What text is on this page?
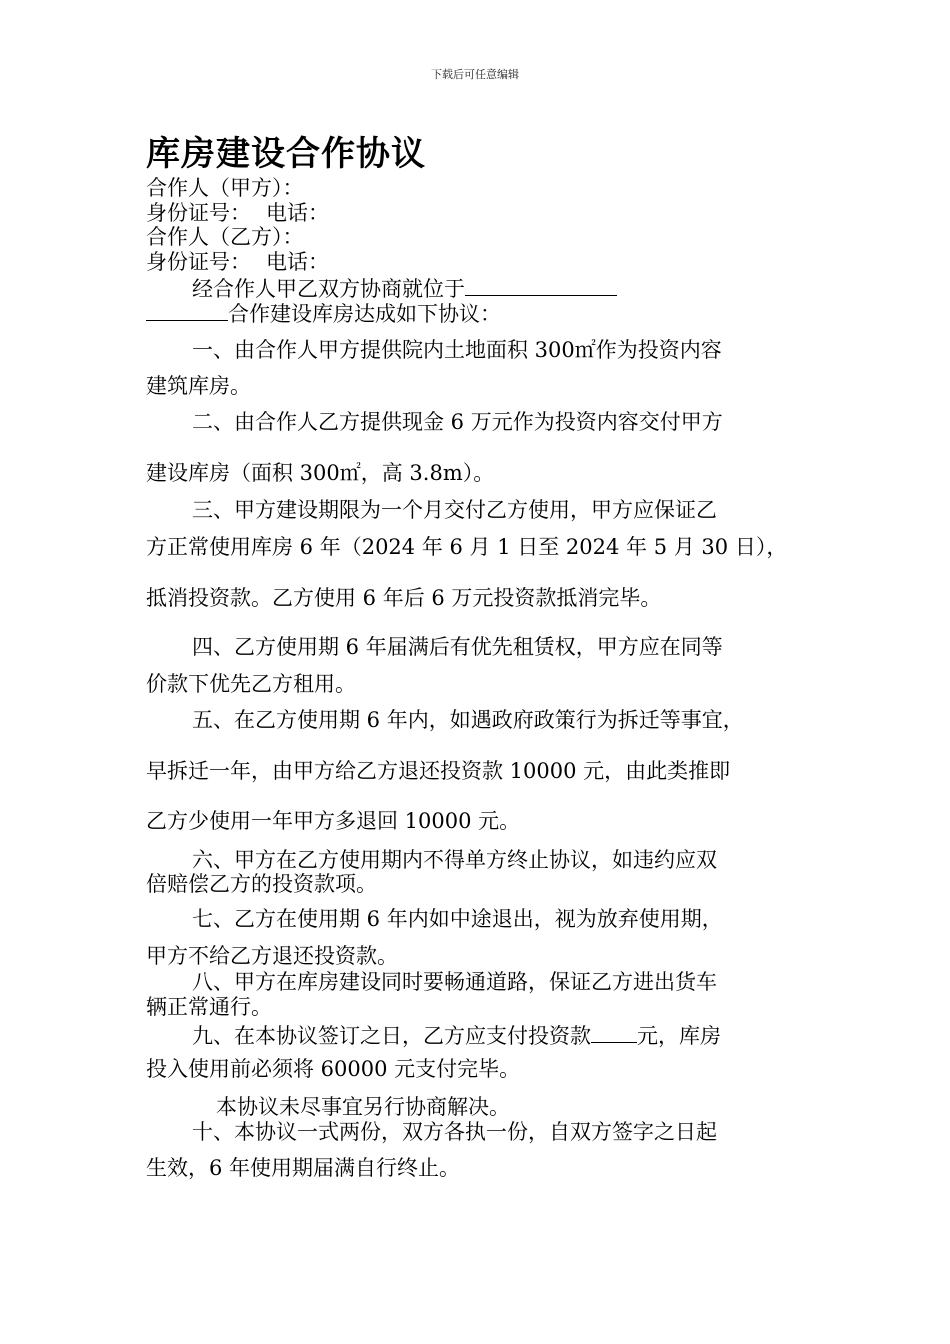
下载后可任意编辑
库房建设合作协议
合作人（甲方）：
身份证号： 电话：
合作人（乙方）：
身份证号： 电话：
经合作人甲乙双方协商就位于
合作建设库房达成如下协议：
一、由合作人甲方提供院内土地面积 300㎡作为投资内容
建筑库房。
二、由合作人乙方提供现金 6 万元作为投资内容交付甲方
建设库房（面积 300㎡，高 3.8m）。
三、甲方建设期限为一个月交付乙方使用，甲方应保证乙
方正常使用库房 6 年（2024 年 6 月 1 日至 2024 年 5 月 30 日），
抵消投资款。乙方使用 6 年后 6 万元投资款抵消完毕。
四、乙方使用期 6 年届满后有优先租赁权，甲方应在同等
价款下优先乙方租用。
五、在乙方使用期 6 年内，如遇政府政策行为拆迁等事宜，
早拆迁一年，由甲方给乙方退还投资款 10000 元，由此类推即
乙方少使用一年甲方多退回 10000 元。
六、甲方在乙方使用期内不得单方终止协议，如违约应双
倍赔偿乙方的投资款项。
七、乙方在使用期 6 年内如中途退出，视为放弃使用期，
甲方不给乙方退还投资款。
八、甲方在库房建设同时要畅通道路，保证乙方进出货车
辆正常通行。
九、在本协议签订之日，乙方应支付投资款 元，库房
投入使用前必须将 60000 元支付完毕。
本协议未尽事宜另行协商解决。
十、本协议一式两份，双方各执一份，自双方签字之日起
生效，6 年使用期届满自行终止。
